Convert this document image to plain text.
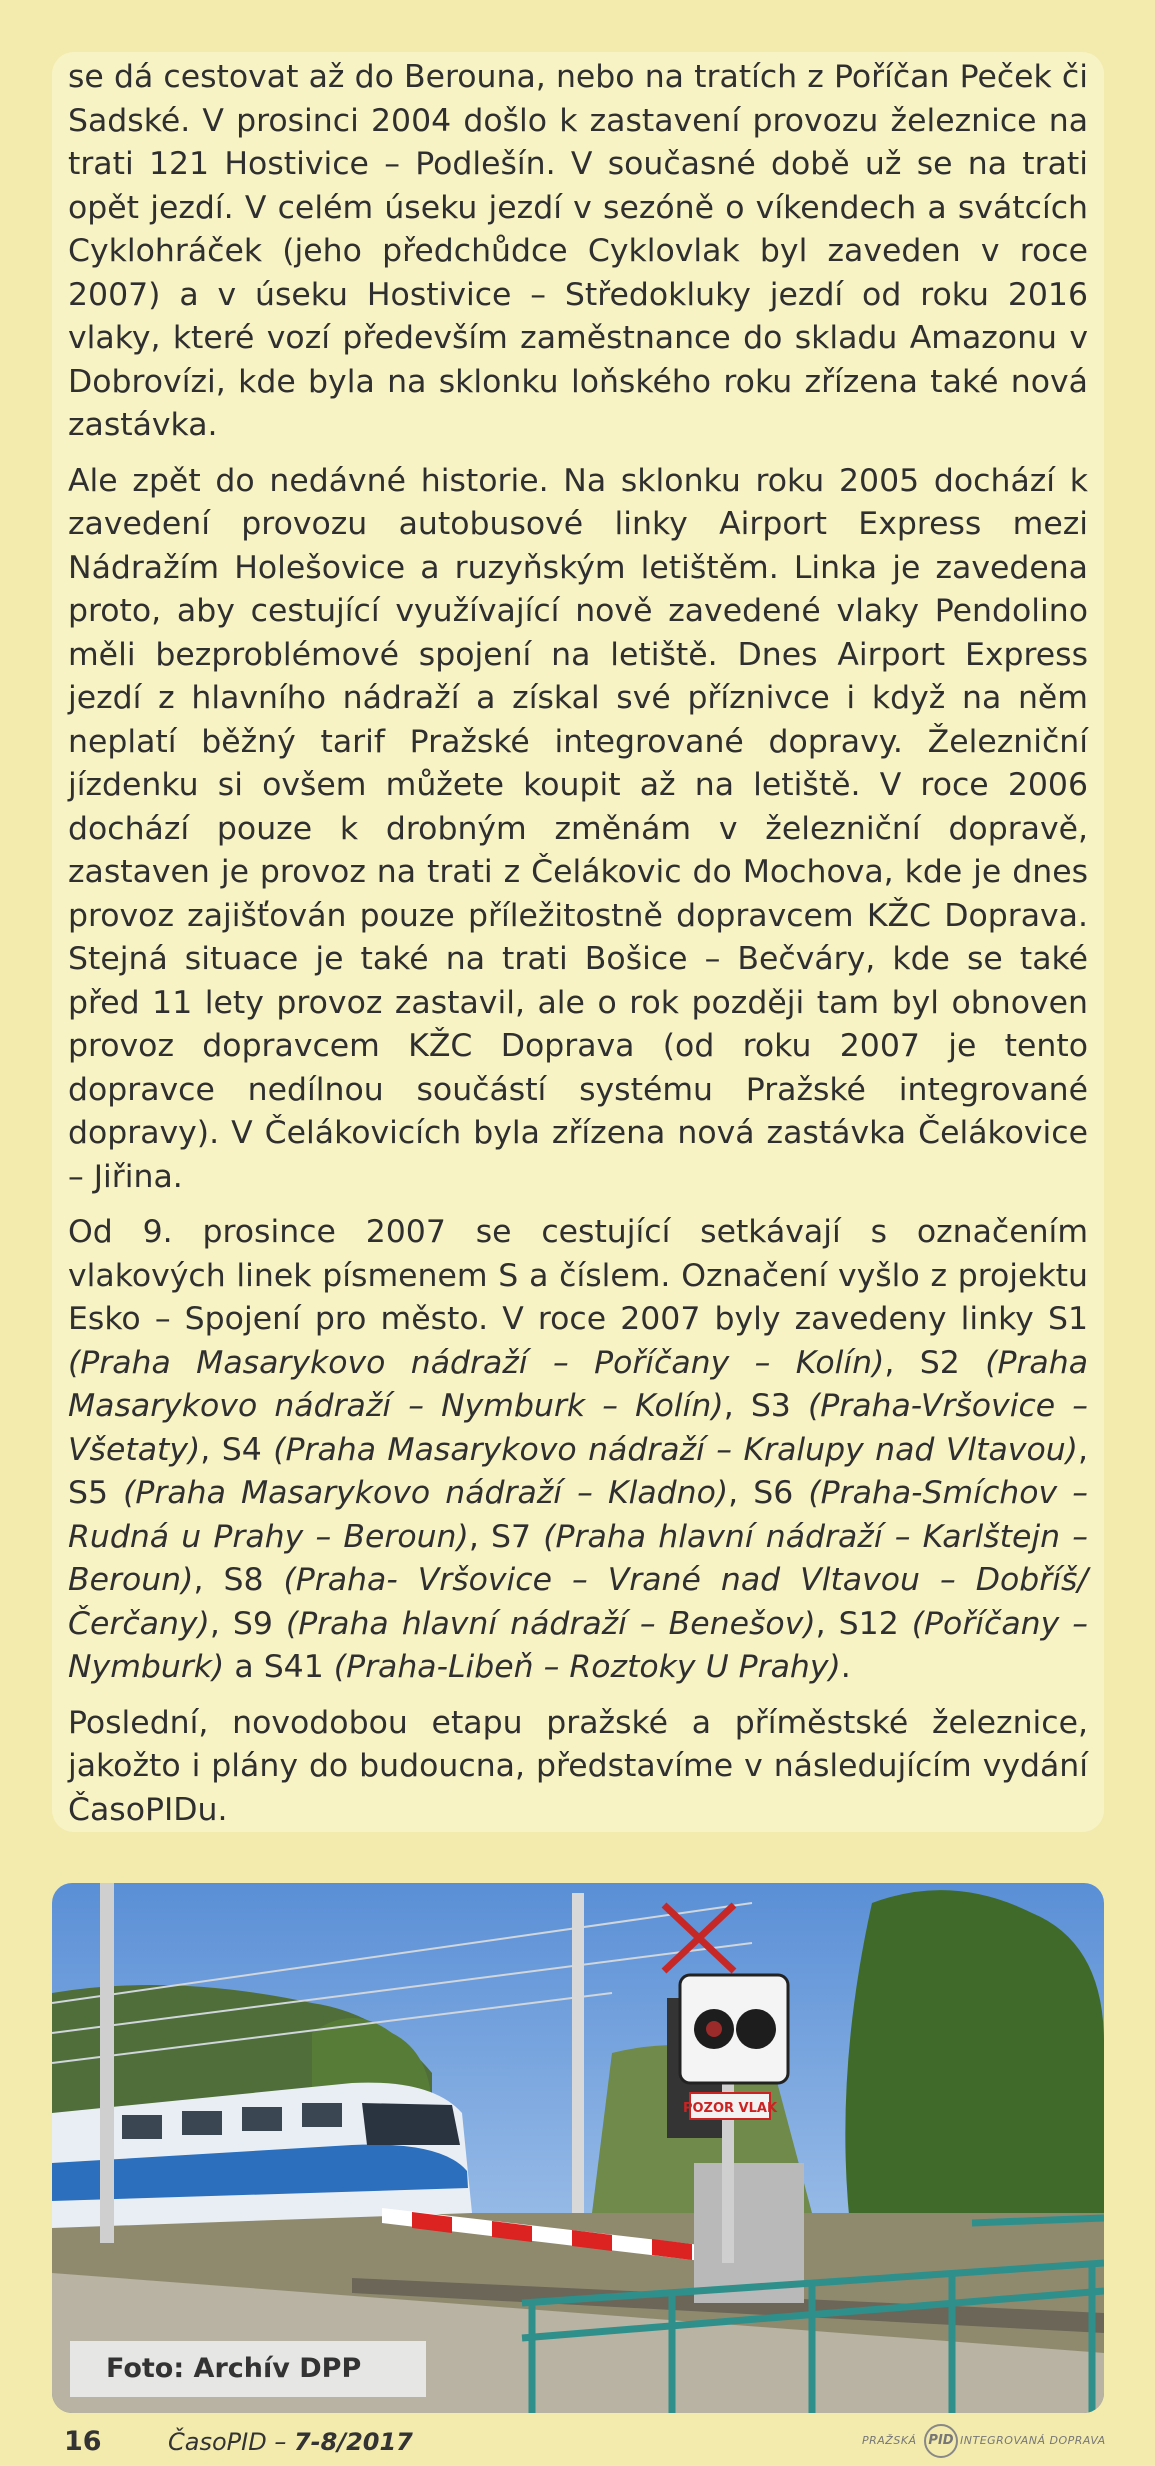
se dá cestovat až do Berouna, nebo na tratích z Poříčan Peček či Sadské. V prosinci 2004 došlo k zastavení provozu železnice na trati 121 Hostivice – Podlešín. V současné době už se na trati opět jezdí. V celém úseku jezdí v sezóně o víkendech a svátcích Cyklohráček (jeho předchůdce Cyklovlak byl zaveden v roce 2007) a v úseku Hostivice – Středokluky jezdí od roku 2016 vlaky, které vozí především zaměstnance do skladu Amazonu v Dobrovízi, kde byla na sklonku loňského roku zřízena také nová zastávka.

Ale zpět do nedávné historie. Na sklonku roku 2005 dochází k zavedení provozu autobusové linky Airport Express mezi Nádražím Holešovice a ruzyňským letištěm. Linka je zavedena proto, aby cestující využívající nově zavedené vlaky Pendolino měli bezproblémové spojení na letiště. Dnes Airport Express jezdí z hlavního nádraží a získal své příznivce i když na něm neplatí běžný tarif Pražské integrované dopravy. Železniční jízdenku si ovšem můžete koupit až na letiště. V roce 2006 dochází pouze k drobným změnám v železniční dopravě, zastaven je provoz na trati z Čelákovic do Mochova, kde je dnes provoz zajišťován pouze příležitostně dopravcem KŽC Doprava. Stejná situace je také na trati Bošice – Bečváry, kde se také před 11 lety provoz zastavil, ale o rok později tam byl obnoven provoz dopravcem KŽC Doprava (od roku 2007 je tento dopravce nedílnou součástí systému Pražské integrované dopravy). V Čelákovicích byla zřízena nová zastávka Čelákovice – Jiřina.

Od 9. prosince 2007 se cestující setkávají s označením vlakových linek písmenem S a číslem. Označení vyšlo z projektu Esko – Spojení pro město. V roce 2007 byly zavedeny linky S1 (Praha Masarykovo nádraží – Poříčany – Kolín), S2 (Praha Masarykovo nádraží – Nymburk – Kolín), S3 (Praha-Vršovice – Všetaty), S4 (Praha Masarykovo nádraží – Kralupy nad Vltavou), S5 (Praha Masarykovo nádraží – Kladno), S6 (Praha-Smíchov – Rudná u Prahy – Beroun), S7 (Praha hlavní nádraží – Karlštejn – Beroun), S8 (Praha- Vršovice – Vrané nad Vltavou – Dobříš/Čerčany), S9 (Praha hlavní nádraží – Benešov), S12 (Poříčany – Nymburk) a S41 (Praha-Libeň – Roztoky U Prahy).

Poslední, novodobou etapu pražské a příměstské železnice, jakožto i plány do budoucna, představíme v následujícím vydání ČasoPIDu.

POZOR VLAK
Foto: Archív DPP
16	ČasoPID – 7-8/2017	PRAŽSKÁ PID INTEGROVANÁ DOPRAVA
